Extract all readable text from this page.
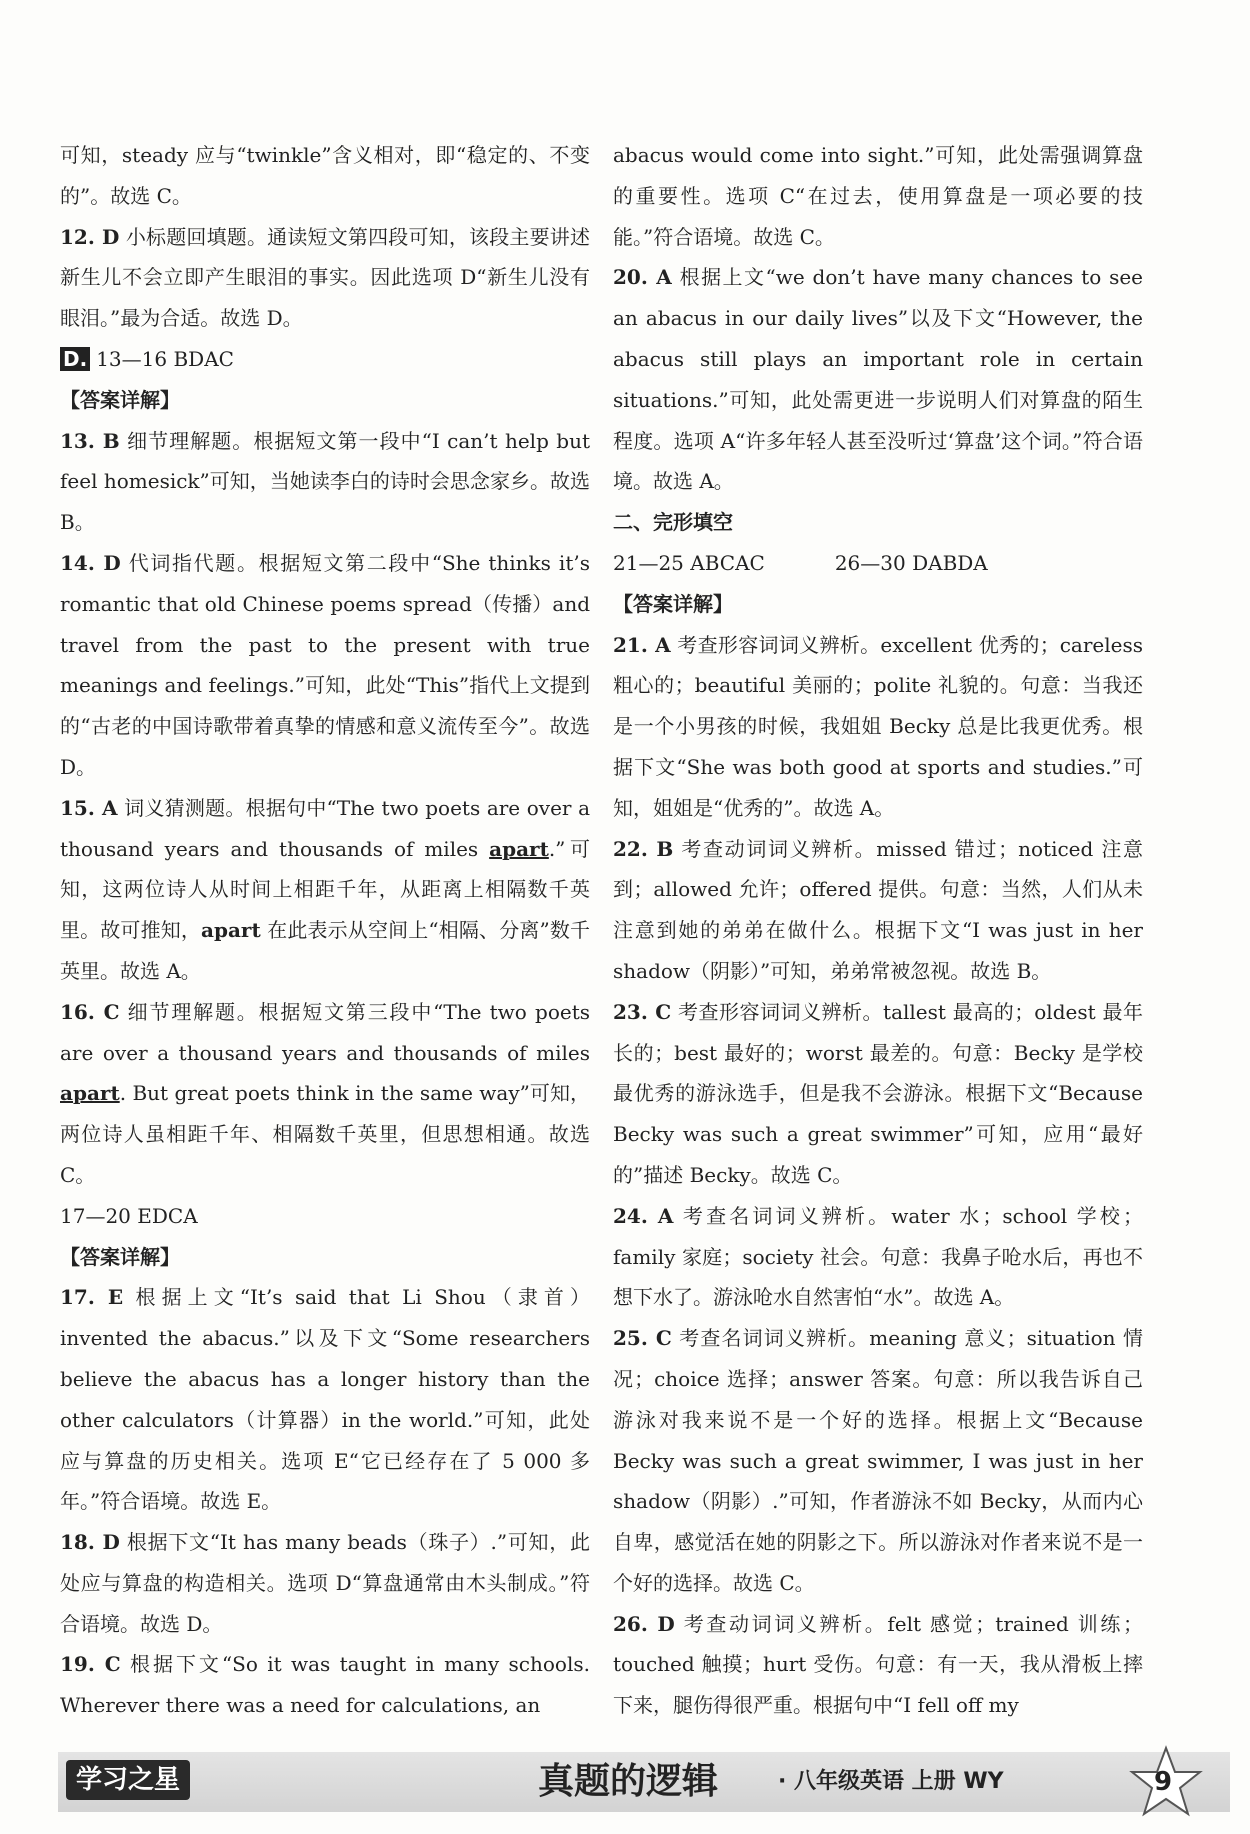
可知，steady 应与“twinkle”含义相对，即“稳定的、不变的”。故选 C。

12. D 小标题回填题。通读短文第四段可知，该段主要讲述新生儿不会立即产生眼泪的事实。因此选项 D“新生儿没有眼泪。”最为合适。故选 D。

D. 13—16 BDAC

【答案详解】

13. B 细节理解题。根据短文第一段中“I can’t help but feel homesick”可知，当她读李白的诗时会思念家乡。故选 B。

14. D 代词指代题。根据短文第二段中“She thinks it’s romantic that old Chinese poems spread（传播）and travel from the past to the present with true meanings and feelings.”可知，此处“This”指代上文提到的“古老的中国诗歌带着真挚的情感和意义流传至今”。故选 D。

15. A 词义猜测题。根据句中“The two poets are over a thousand years and thousands of miles apart.”可知，这两位诗人从时间上相距千年，从距离上相隔数千英里。故可推知，apart 在此表示从空间上“相隔、分离”数千英里。故选 A。

16. C 细节理解题。根据短文第三段中“The two poets are over a thousand years and thousands of miles apart. But great poets think in the same way”可知，两位诗人虽相距千年、相隔数千英里，但思想相通。故选 C。

17—20 EDCA

【答案详解】

17. E 根据上文“It’s said that Li Shou（隶首）invented the abacus.”以及下文“Some researchers believe the abacus has a longer history than the other calculators（计算器）in the world.”可知，此处应与算盘的历史相关。选项 E“它已经存在了 5 000 多年。”符合语境。故选 E。

18. D 根据下文“It has many beads（珠子）.”可知，此处应与算盘的构造相关。选项 D“算盘通常由木头制成。”符合语境。故选 D。

19. C 根据下文“So it was taught in many schools. Wherever there was a need for calculations, an

abacus would come into sight.”可知，此处需强调算盘的重要性。选项 C“在过去，使用算盘是一项必要的技能。”符合语境。故选 C。

20. A 根据上文“we don’t have many chances to see an abacus in our daily lives”以及下文“However, the abacus still plays an important role in certain situations.”可知，此处需更进一步说明人们对算盘的陌生程度。选项 A“许多年轻人甚至没听过‘算盘’这个词。”符合语境。故选 A。

二、完形填空

21—25 ABCAC	26—30 DABDA

【答案详解】

21. A 考查形容词词义辨析。excellent 优秀的；careless 粗心的；beautiful 美丽的；polite 礼貌的。句意：当我还是一个小男孩的时候，我姐姐 Becky 总是比我更优秀。根据下文“She was both good at sports and studies.”可知，姐姐是“优秀的”。故选 A。

22. B 考查动词词义辨析。missed 错过；noticed 注意到；allowed 允许；offered 提供。句意：当然，人们从未注意到她的弟弟在做什么。根据下文“I was just in her shadow（阴影）”可知，弟弟常被忽视。故选 B。

23. C 考查形容词词义辨析。tallest 最高的；oldest 最年长的；best 最好的；worst 最差的。句意：Becky 是学校最优秀的游泳选手，但是我不会游泳。根据下文“Because Becky was such a great swimmer”可知，应用“最好的”描述 Becky。故选 C。

24. A 考查名词词义辨析。water 水；school 学校；family 家庭；society 社会。句意：我鼻子呛水后，再也不想下水了。游泳呛水自然害怕“水”。故选 A。

25. C 考查名词词义辨析。meaning 意义；situation 情况；choice 选择；answer 答案。句意：所以我告诉自己游泳对我来说不是一个好的选择。根据上文“Because Becky was such a great swimmer, I was just in her shadow（阴影）.”可知，作者游泳不如 Becky，从而内心自卑，感觉活在她的阴影之下。所以游泳对作者来说不是一个好的选择。故选 C。

26. D 考查动词词义辨析。felt 感觉；trained 训练；touched 触摸；hurt 受伤。句意：有一天，我从滑板上摔下来，腿伤得很严重。根据句中“I fell off my

学习之星	真题的逻辑	· 八年级英语 上册 WY	9
